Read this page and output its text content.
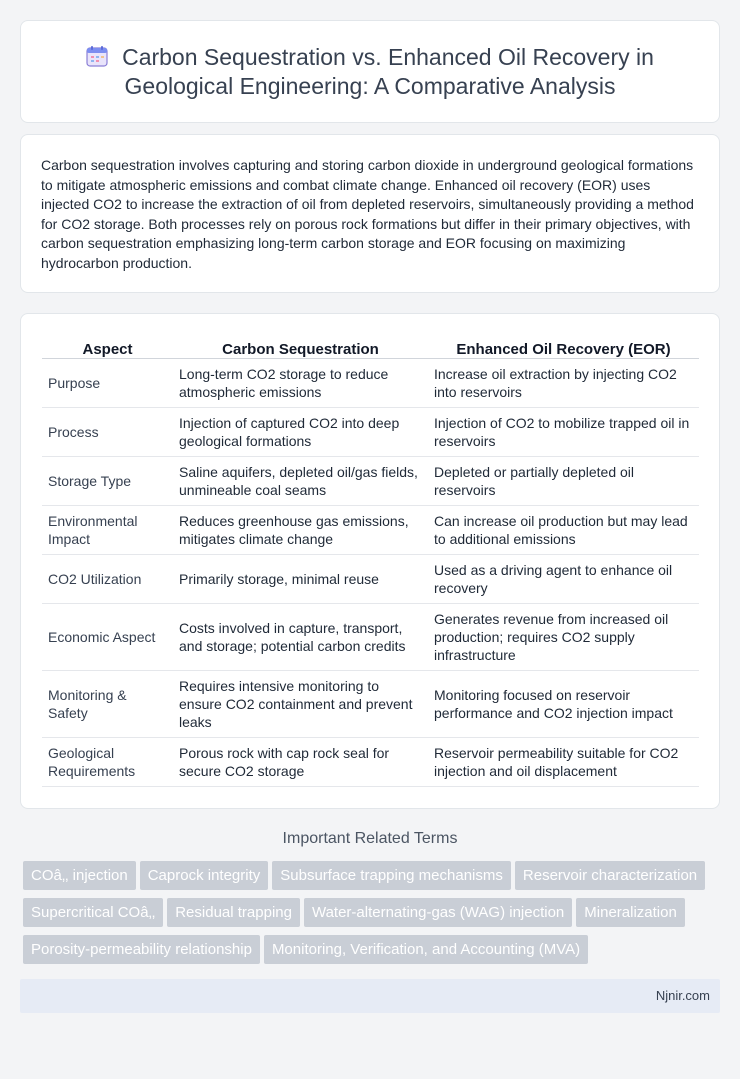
Carbon Sequestration vs. Enhanced Oil Recovery in Geological Engineering: A Comparative Analysis

Carbon sequestration involves capturing and storing carbon dioxide in underground geological formations to mitigate atmospheric emissions and combat climate change. Enhanced oil recovery (EOR) uses injected CO2 to increase the extraction of oil from depleted reservoirs, simultaneously providing a method for CO2 storage. Both processes rely on porous rock formations but differ in their primary objectives, with carbon sequestration emphasizing long-term carbon storage and EOR focusing on maximizing hydrocarbon production.

Aspect	Carbon Sequestration	Enhanced Oil Recovery (EOR)
Purpose	Long-term CO2 storage to reduce atmospheric emissions	Increase oil extraction by injecting CO2 into reservoirs
Process	Injection of captured CO2 into deep geological formations	Injection of CO2 to mobilize trapped oil in reservoirs
Storage Type	Saline aquifers, depleted oil/gas fields, unmineable coal seams	Depleted or partially depleted oil reservoirs
Environmental Impact	Reduces greenhouse gas emissions, mitigates climate change	Can increase oil production but may lead to additional emissions
CO2 Utilization	Primarily storage, minimal reuse	Used as a driving agent to enhance oil recovery
Economic Aspect	Costs involved in capture, transport, and storage; potential carbon credits	Generates revenue from increased oil production; requires CO2 supply infrastructure
Monitoring & Safety	Requires intensive monitoring to ensure CO2 containment and prevent leaks	Monitoring focused on reservoir performance and CO2 injection impact
Geological Requirements	Porous rock with cap rock seal for secure CO2 storage	Reservoir permeability suitable for CO2 injection and oil displacement
Important Related Terms
COâ‚‚ injection Caprock integrity Subsurface trapping mechanisms Reservoir characterizationSupercritical COâ‚‚ Residual trapping Water-alternating-gas (WAG) injection MineralizationPorosity-permeability relationship Monitoring, Verification, and Accounting (MVA)
Njnir.com
